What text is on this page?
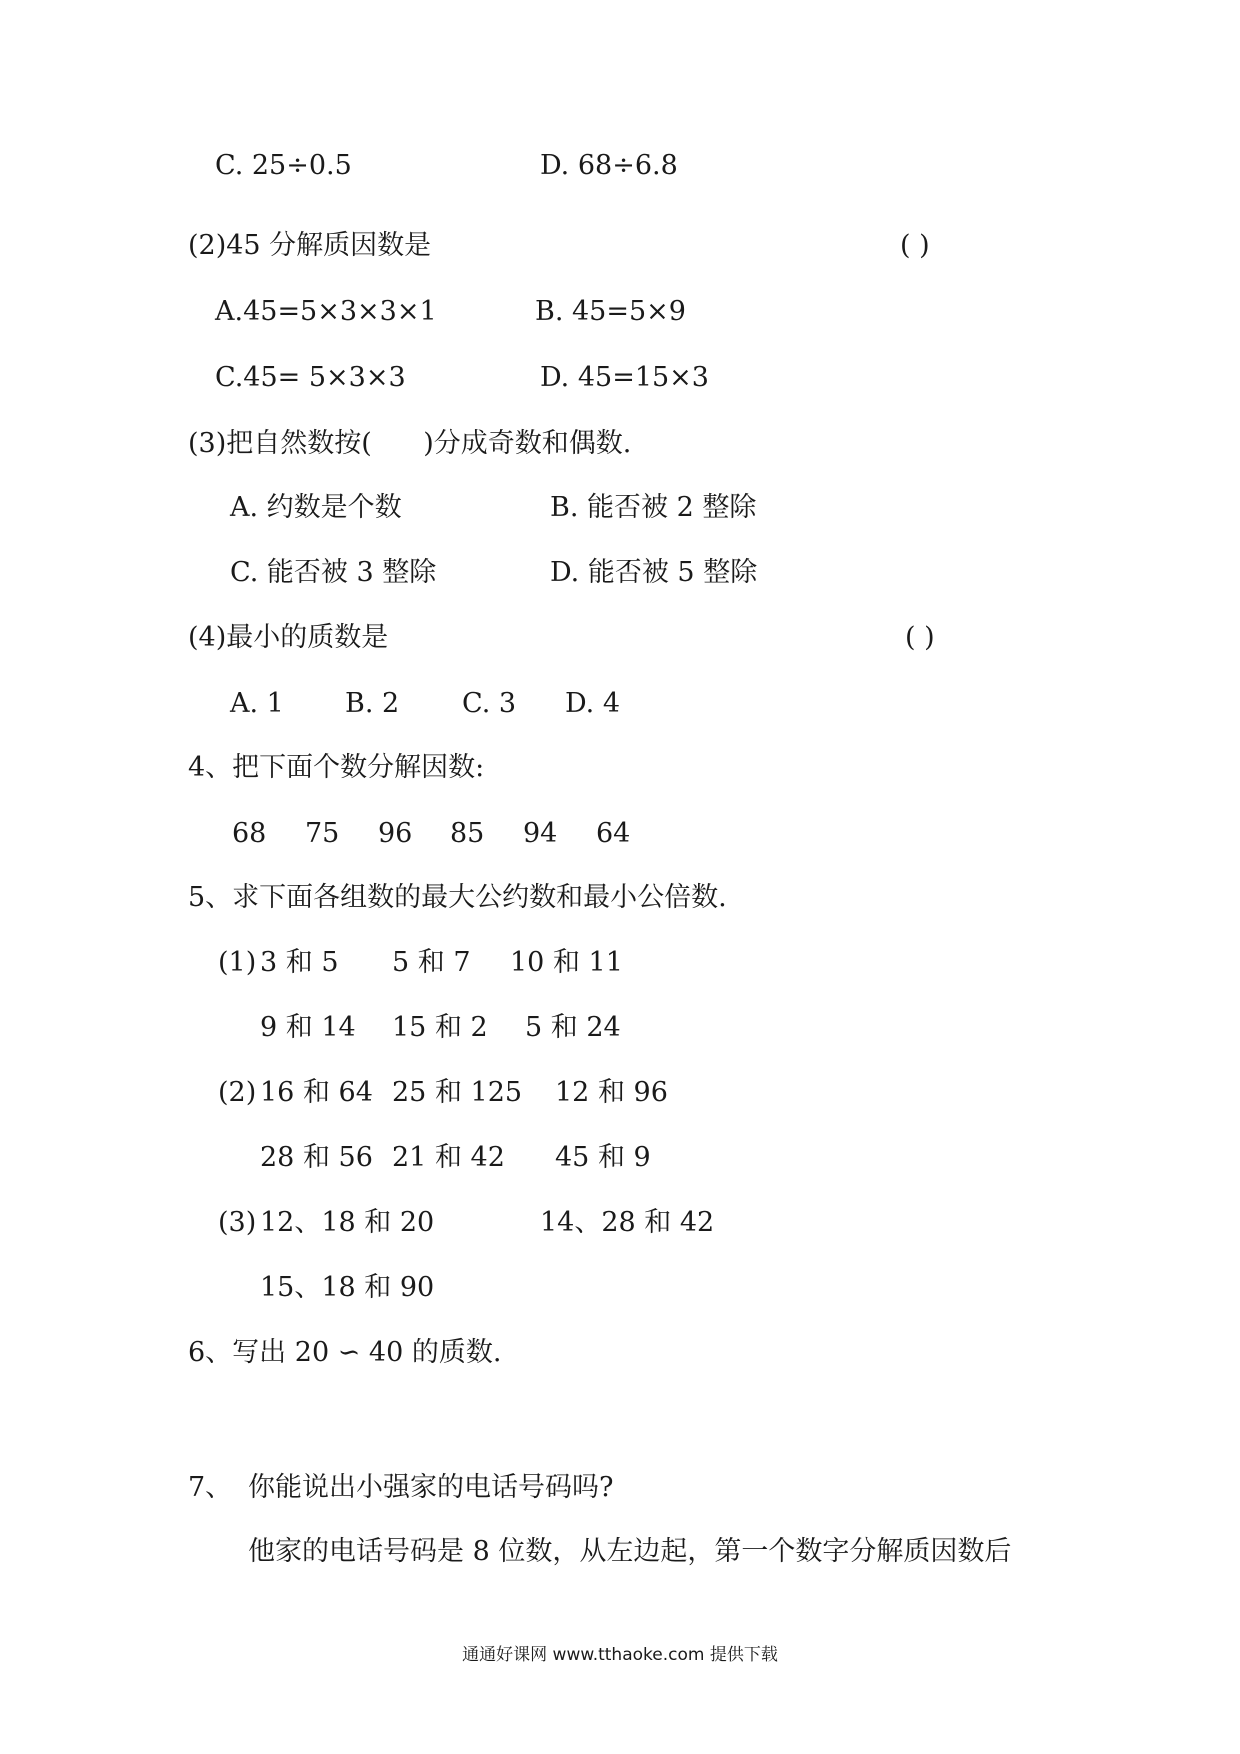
C. 25÷0.5	D. 68÷6.8
(2)45 分解质因数是	( )
A.45=5×3×3×1	B. 45=5×9
C.45= 5×3×3	D. 45=15×3
(3)把自然数按(      )分成奇数和偶数.
A. 约数是个数	B. 能否被 2 整除
C. 能否被 3 整除	D. 能否被 5 整除
(4)最小的质数是	( )
A. 1 B. 2 C. 3 D. 4
4、把下面个数分解因数:
68 75 96 85 94 64
5、求下面各组数的最大公约数和最小公倍数.
(1) 3 和 5 5 和 7 10 和 11
9 和 14 15 和 2 5 和 24
(2) 16 和 64 25 和 125 12 和 96
28 和 56 21 和 42 45 和 9
(3) 12、18 和 20	14、28 和 42
15、18 和 90
6、写出 20 ∽ 40 的质数.
7、 你能说出小强家的电话号码吗?
他家的电话号码是 8 位数，从左边起，第一个数字分解质因数后
通通好课网 www.tthaoke.com 提供下载
